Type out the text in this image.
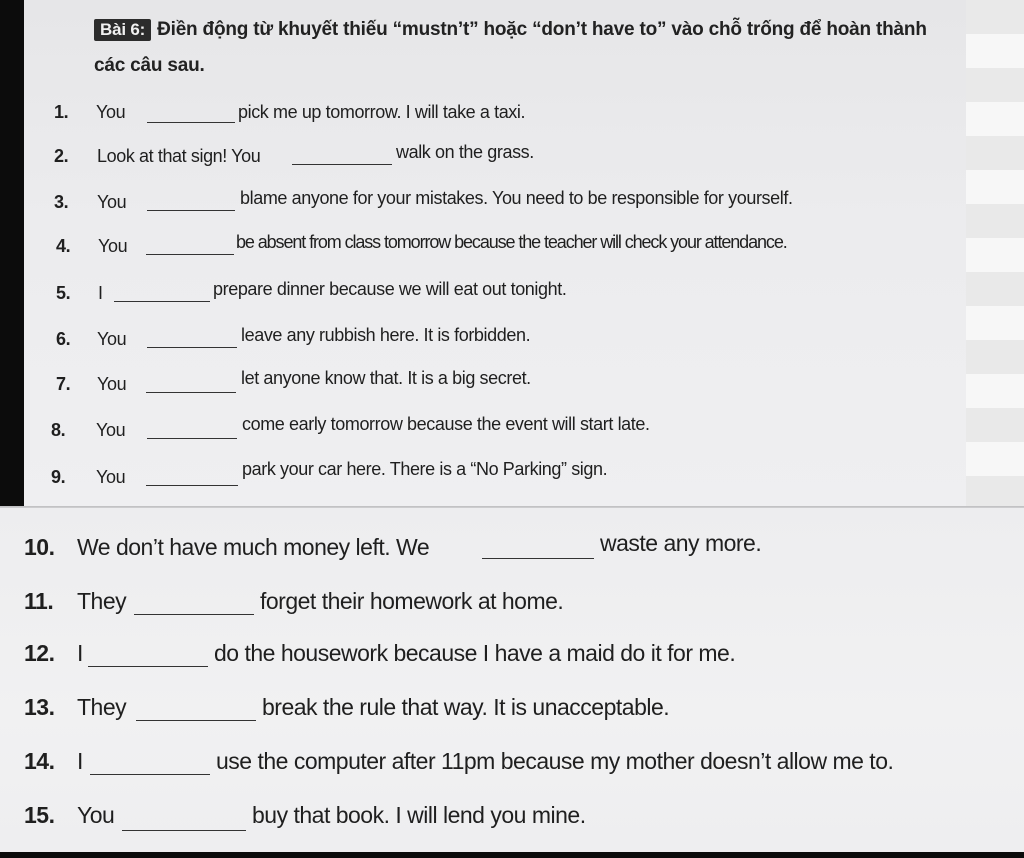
Bài 6: Điền động từ khuyết thiếu “mustn’t” hoặc “don’t have to” vào chỗ trống để hoàn thành các câu sau.
1. You	pick me up tomorrow. I will take a taxi.
2. Look at that sign! You	walk on the grass.
3. You	blame anyone for your mistakes. You need to be responsible for yourself.
4. You	be absent from class tomorrow because the teacher will check your attendance.
5. I	prepare dinner because we will eat out tonight.
6. You	leave any rubbish here. It is forbidden.
7. You	let anyone know that. It is a big secret.
8. You	come early tomorrow because the event will start late.
9. You	park your car here. There is a “No Parking” sign.
10. We don’t have much money left. We	waste any more.
11. They	forget their homework at home.
12. I	do the housework because I have a maid do it for me.
13. They	break the rule that way. It is unacceptable.
14. I	use the computer after 11pm because my mother doesn’t allow me to.
15. You	buy that book. I will lend you mine.
